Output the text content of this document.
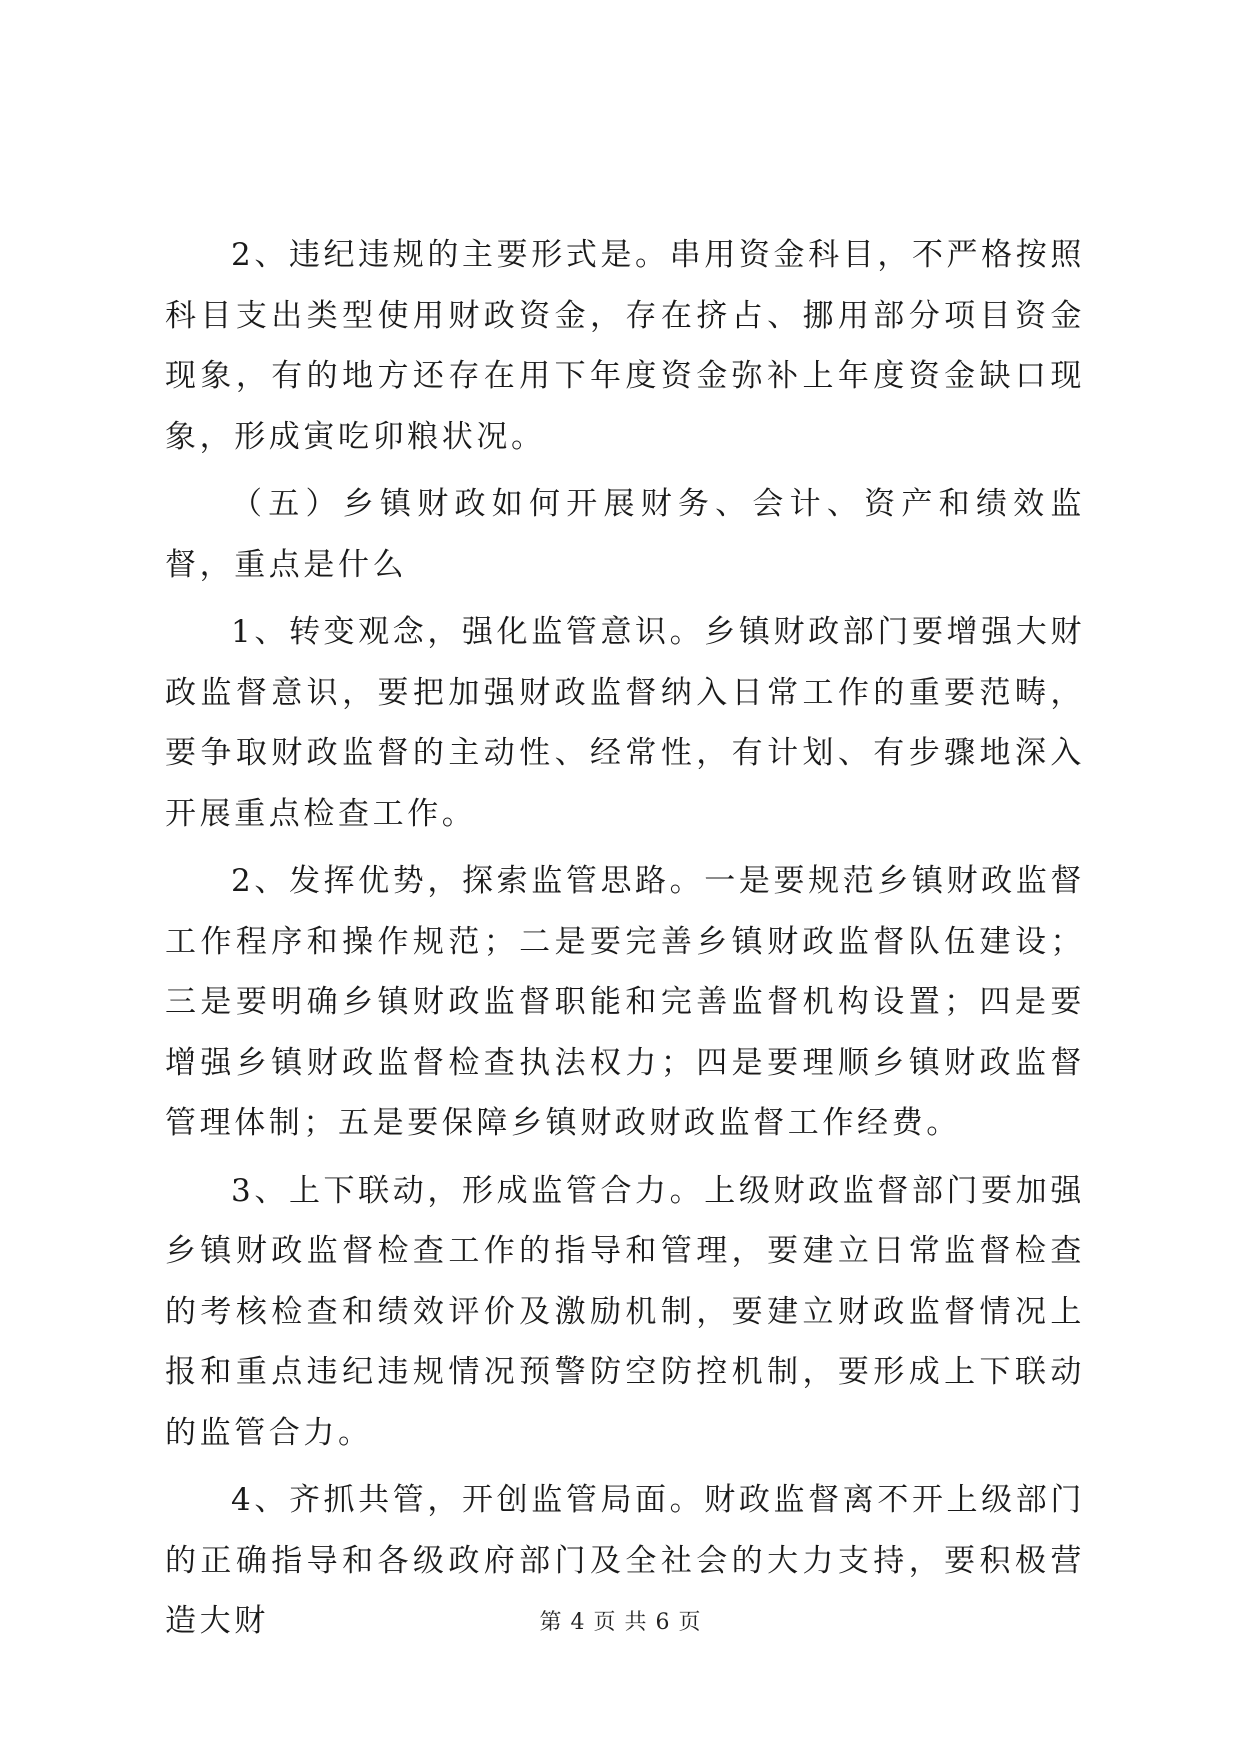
2、违纪违规的主要形式是。串用资金科目，不严格按照科目支出类型使用财政资金，存在挤占、挪用部分项目资金现象，有的地方还存在用下年度资金弥补上年度资金缺口现象，形成寅吃卯粮状况。

（五）乡镇财政如何开展财务、会计、资产和绩效监督，重点是什么

1、转变观念，强化监管意识。乡镇财政部门要增强大财政监督意识，要把加强财政监督纳入日常工作的重要范畴，要争取财政监督的主动性、经常性，有计划、有步骤地深入开展重点检查工作。

2、发挥优势，探索监管思路。一是要规范乡镇财政监督工作程序和操作规范；二是要完善乡镇财政监督队伍建设；三是要明确乡镇财政监督职能和完善监督机构设置；四是要增强乡镇财政监督检查执法权力；四是要理顺乡镇财政监督管理体制；五是要保障乡镇财政财政监督工作经费。

3、上下联动，形成监管合力。上级财政监督部门要加强乡镇财政监督检查工作的指导和管理，要建立日常监督检查的考核检查和绩效评价及激励机制，要建立财政监督情况上报和重点违纪违规情况预警防空防控机制，要形成上下联动的监管合力。

4、齐抓共管，开创监管局面。财政监督离不开上级部门的正确指导和各级政府部门及全社会的大力支持，要积极营造大财	第 4 页 共 6 页
